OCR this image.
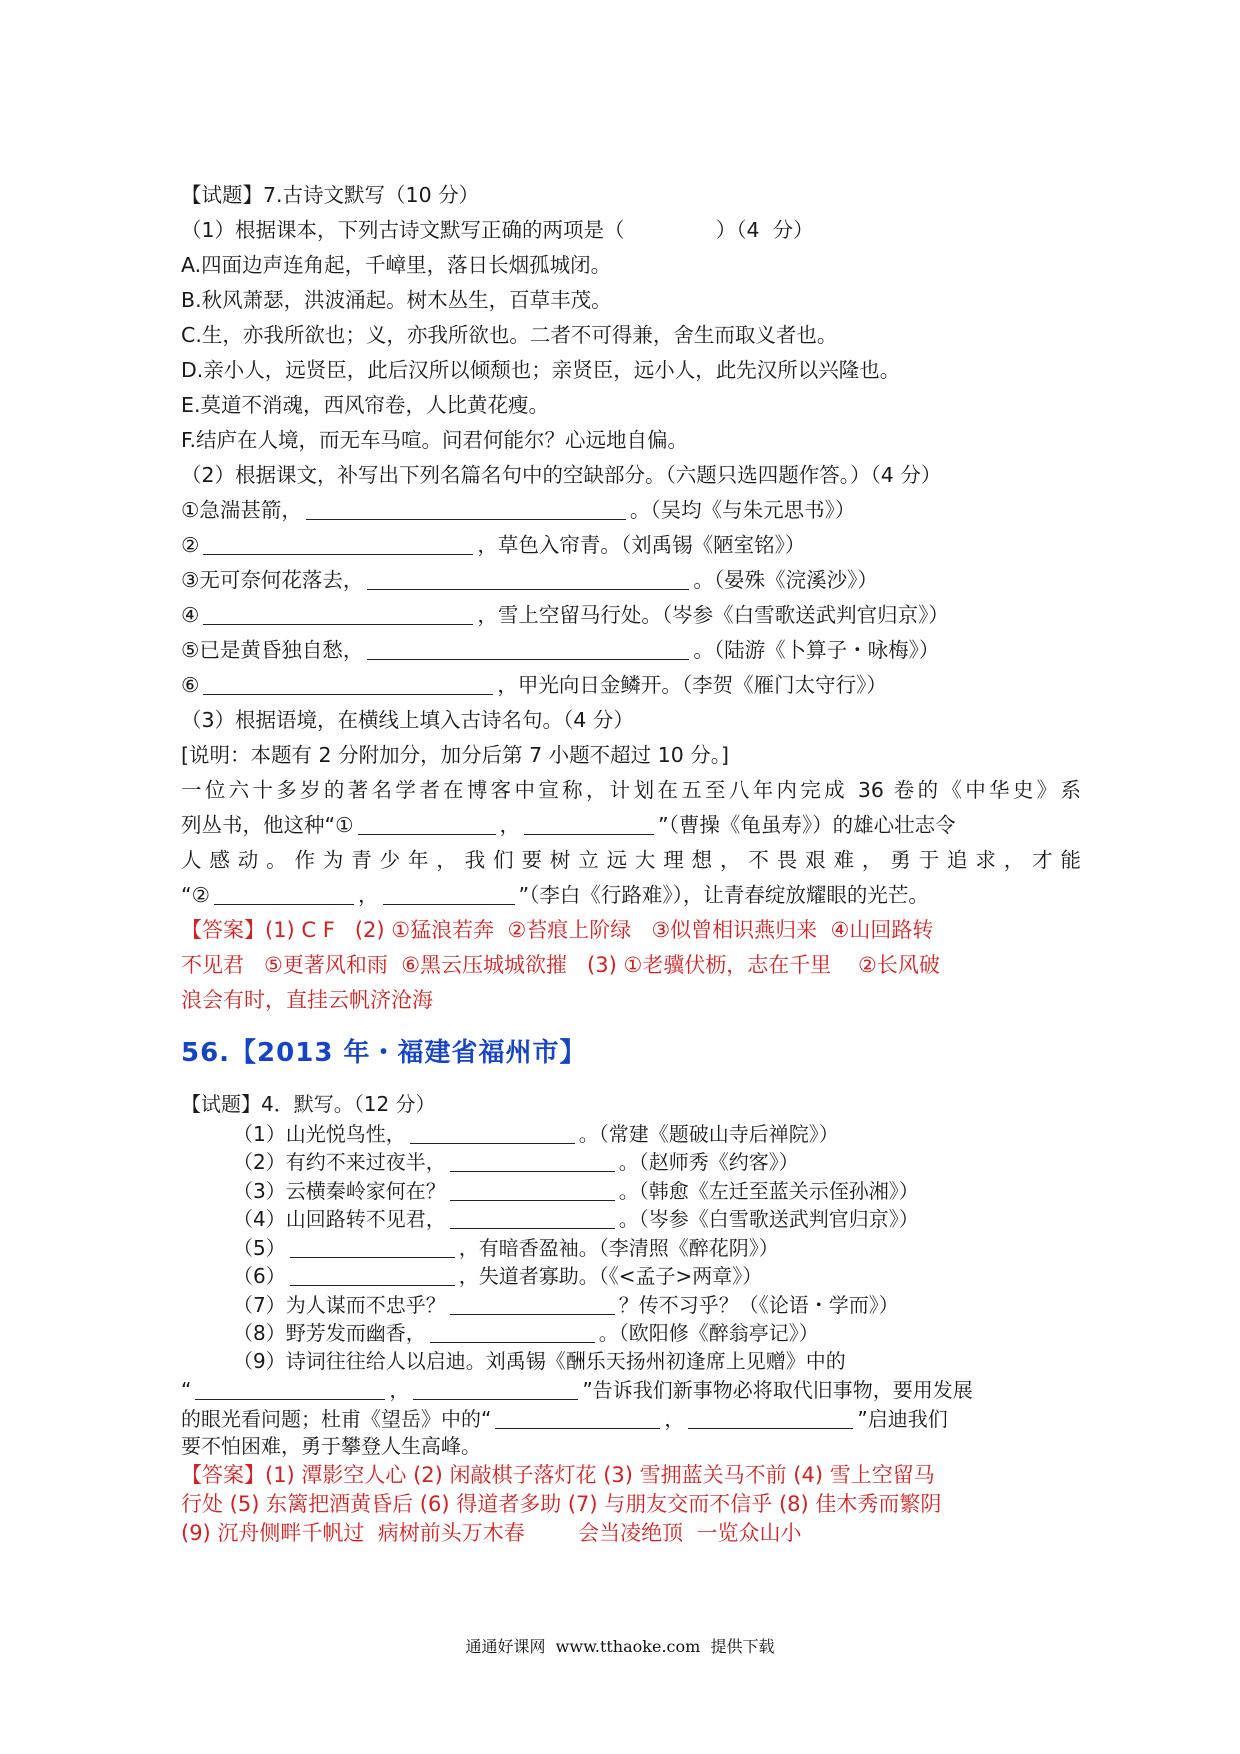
【试题】7.古诗文默写（10 分）
（1）根据课本，下列古诗文默写正确的两项是（              ）（4  分）
A.四面边声连角起，千嶂里，落日长烟孤城闭。
B.秋风萧瑟，洪波涌起。树木丛生，百草丰茂。
C.生，亦我所欲也；义，亦我所欲也。二者不可得兼，舍生而取义者也。
D.亲小人，远贤臣，此后汉所以倾颓也；亲贤臣，远小人，此先汉所以兴隆也。
E.莫道不消魂，西风帘卷，人比黄花瘦。
F.结庐在人境，而无车马喧。问君何能尔？心远地自偏。
（2）根据课文，补写出下列名篇名句中的空缺部分。（六题只选四题作答。）（4 分）
①急湍甚箭，	。（吴均《与朱元思书》）
②	，草色入帘青。（刘禹锡《陋室铭》）
③无可奈何花落去，	。（晏殊《浣溪沙》）
④	，雪上空留马行处。（岑参《白雪歌送武判官归京》）
⑤已是黄昏独自愁，	。（陆游《卜算子・咏梅》）
⑥	，甲光向日金鳞开。（李贺《雁门太守行》）
（3）根据语境，在横线上填入古诗名句。（4 分）
[说明：本题有 2 分附加分，加分后第 7 小题不超过 10 分。]
一位六十多岁的著名学者在博客中宣称，计划在五至八年内完成 36 卷的《中华史》系
列丛书，他这种“①	，	”（曹操《龟虽寿》）的雄心壮志令
人感动。作为青少年，我们要树立远大理想，不畏艰难，勇于追求，才能
“②	，	”（李白《行路难》），让青春绽放耀眼的光芒。
【答案】(1) C F   (2) ①猛浪若奔  ②苔痕上阶绿   ③似曾相识燕归来  ④山回路转
不见君   ⑤更著风和雨  ⑥黑云压城城欲摧   (3) ①老骥伏枥，志在千里    ②长风破
浪会有时，直挂云帆济沧海
56.【2013 年・福建省福州市】
【试题】4．默写。（12 分）
（1）山光悦鸟性，	。（常建《题破山寺后禅院》）
（2）有约不来过夜半，	。（赵师秀《约客》）
（3）云横秦岭家何在？	。（韩愈《左迁至蓝关示侄孙湘》）
（4）山回路转不见君，	。（岑参《白雪歌送武判官归京》）
（5）	，有暗香盈袖。（李清照《醉花阴》）
（6）	，失道者寡助。（《<孟子>两章》）
（7）为人谋而不忠乎？	？传不习乎？（《论语・学而》）
（8）野芳发而幽香，	。（欧阳修《醉翁亭记》）
（9）诗词往往给人以启迪。刘禹锡《酬乐天扬州初逢席上见赠》中的
“	，	”告诉我们新事物必将取代旧事物，要用发展
的眼光看问题；杜甫《望岳》中的“	，	”启迪我们
要不怕困难，勇于攀登人生高峰。
【答案】(1) 潭影空人心 (2) 闲敲棋子落灯花 (3) 雪拥蓝关马不前 (4) 雪上空留马
行处 (5) 东篱把酒黄昏后 (6) 得道者多助 (7) 与朋友交而不信乎 (8) 佳木秀而繁阴
(9) 沉舟侧畔千帆过  病树前头万木春        会当凌绝顶  一览众山小
通通好课网  www.tthaoke.com  提供下载
